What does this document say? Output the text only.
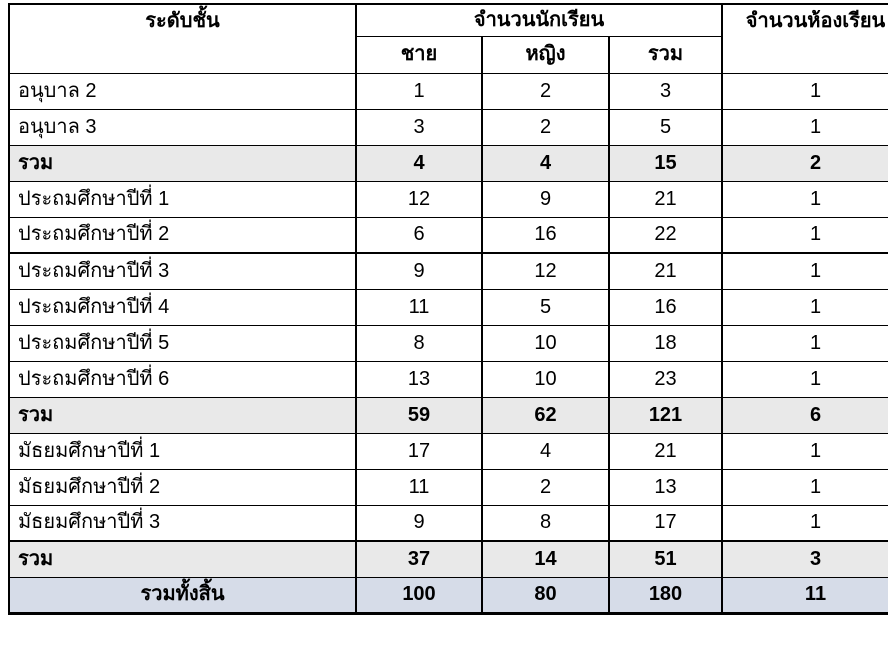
ระดับชั้น	จำนวนนักเรียน			จำนวนห้องเรียน
	ชาย	หญิง	รวม	
อนุบาล 2	1	2	3	1
อนุบาล 3	3	2	5	1
รวม	4	4	15	2
ประถมศึกษาปีที่ 1	12	9	21	1
ประถมศึกษาปีที่ 2	6	16	22	1
ประถมศึกษาปีที่ 3	9	12	21	1
ประถมศึกษาปีที่ 4	11	5	16	1
ประถมศึกษาปีที่ 5	8	10	18	1
ประถมศึกษาปีที่ 6	13	10	23	1
รวม	59	62	121	6
มัธยมศึกษาปีที่ 1	17	4	21	1
มัธยมศึกษาปีที่ 2	11	2	13	1
มัธยมศึกษาปีที่ 3	9	8	17	1
รวม	37	14	51	3
รวมทั้งสิ้น	100	80	180	11
